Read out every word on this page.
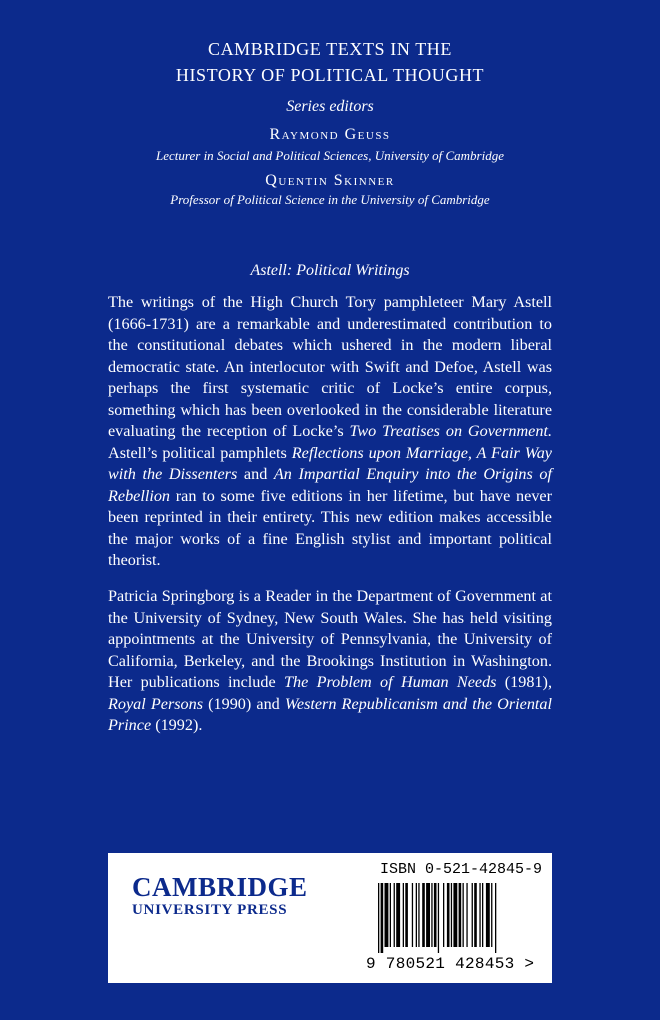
CAMBRIDGE TEXTS IN THE
HISTORY OF POLITICAL THOUGHT
Series editors
Raymond Geuss
Lecturer in Social and Political Sciences, University of Cambridge
Quentin Skinner
Professor of Political Science in the University of Cambridge
Astell: Political Writings
The writings of the High Church Tory pamphleteer Mary Astell (1666-1731) are a remarkable and underestimated contribution to the constitutional debates which ushered in the modern liberal democratic state. An interlocutor with Swift and Defoe, Astell was perhaps the first systematic critic of Locke’s entire corpus, something which has been overlooked in the considerable literature evaluating the reception of Locke’s Two Treatises on Government. Astell’s political pamphlets Reflections upon Marriage, A Fair Way with the Dissenters and An Impartial Enquiry into the Origins of Rebellion ran to some five editions in her lifetime, but have never been reprinted in their entirety. This new edition makes accessible the major works of a fine English stylist and important political theorist.
Patricia Springborg is a Reader in the Department of Government at the University of Sydney, New South Wales. She has held visiting appointments at the University of Pennsylvania, the University of California, Berkeley, and the Brookings Institution in Washington. Her publications include The Problem of Human Needs (1981), Royal Persons (1990) and Western Republicanism and the Oriental Prince (1992).
CAMBRIDGE
UNIVERSITY PRESS
ISBN 0-521-42845-9
9 780521 428453 >
